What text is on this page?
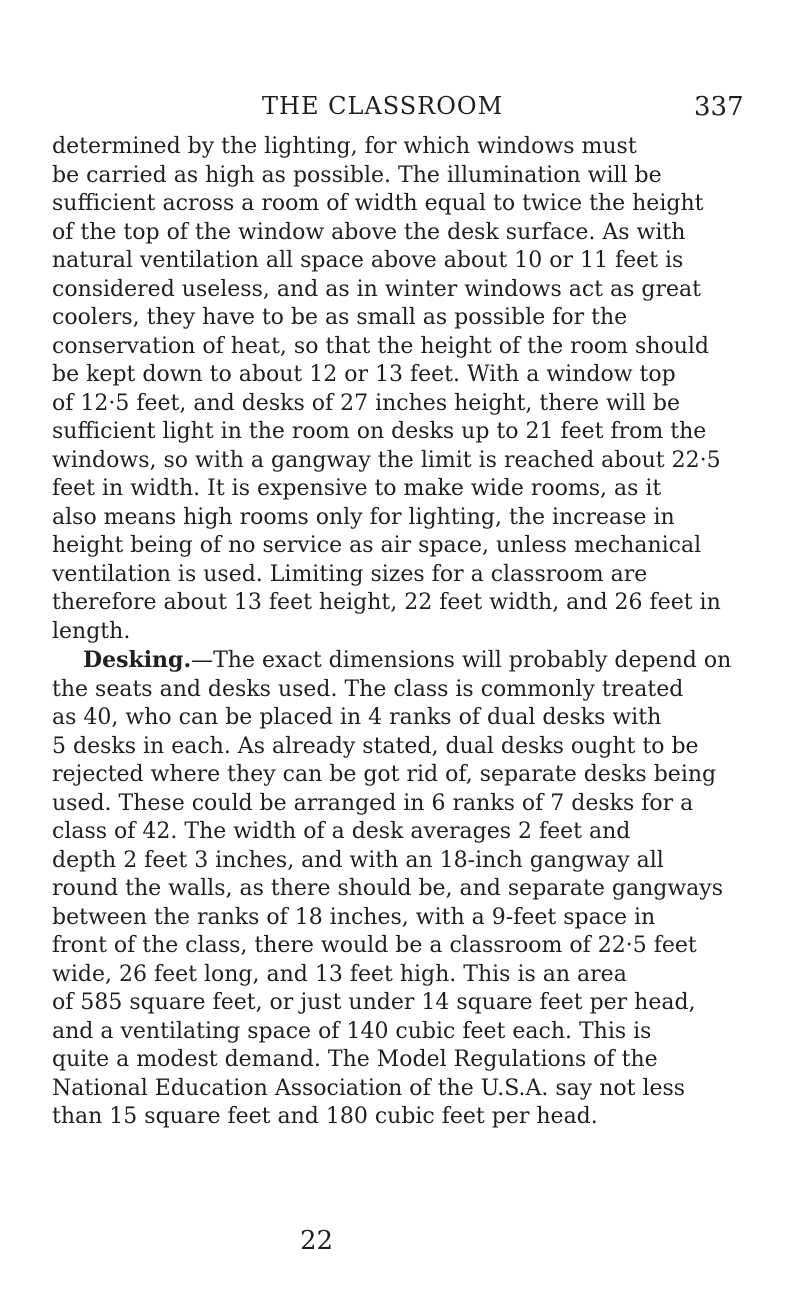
THE CLASSROOM	337
determined by the lighting, for which windows must
be carried as high as possible. The illumination will be
sufficient across a room of width equal to twice the height
of the top of the window above the desk surface. As with
natural ventilation all space above about 10 or 11 feet is
considered useless, and as in winter windows act as great
coolers, they have to be as small as possible for the
conservation of heat, so that the height of the room should
be kept down to about 12 or 13 feet. With a window top
of 12·5 feet, and desks of 27 inches height, there will be
sufficient light in the room on desks up to 21 feet from the
windows, so with a gangway the limit is reached about 22·5
feet in width. It is expensive to make wide rooms, as it
also means high rooms only for lighting, the increase in
height being of no service as air space, unless mechanical
ventilation is used. Limiting sizes for a classroom are
therefore about 13 feet height, 22 feet width, and 26 feet in
length.
Desking.—The exact dimensions will probably depend on
the seats and desks used. The class is commonly treated
as 40, who can be placed in 4 ranks of dual desks with
5 desks in each. As already stated, dual desks ought to be
rejected where they can be got rid of, separate desks being
used. These could be arranged in 6 ranks of 7 desks for a
class of 42. The width of a desk averages 2 feet and
depth 2 feet 3 inches, and with an 18-inch gangway all
round the walls, as there should be, and separate gangways
between the ranks of 18 inches, with a 9-feet space in
front of the class, there would be a classroom of 22·5 feet
wide, 26 feet long, and 13 feet high. This is an area
of 585 square feet, or just under 14 square feet per head,
and a ventilating space of 140 cubic feet each. This is
quite a modest demand. The Model Regulations of the
National Education Association of the U.S.A. say not less
than 15 square feet and 180 cubic feet per head.
22
